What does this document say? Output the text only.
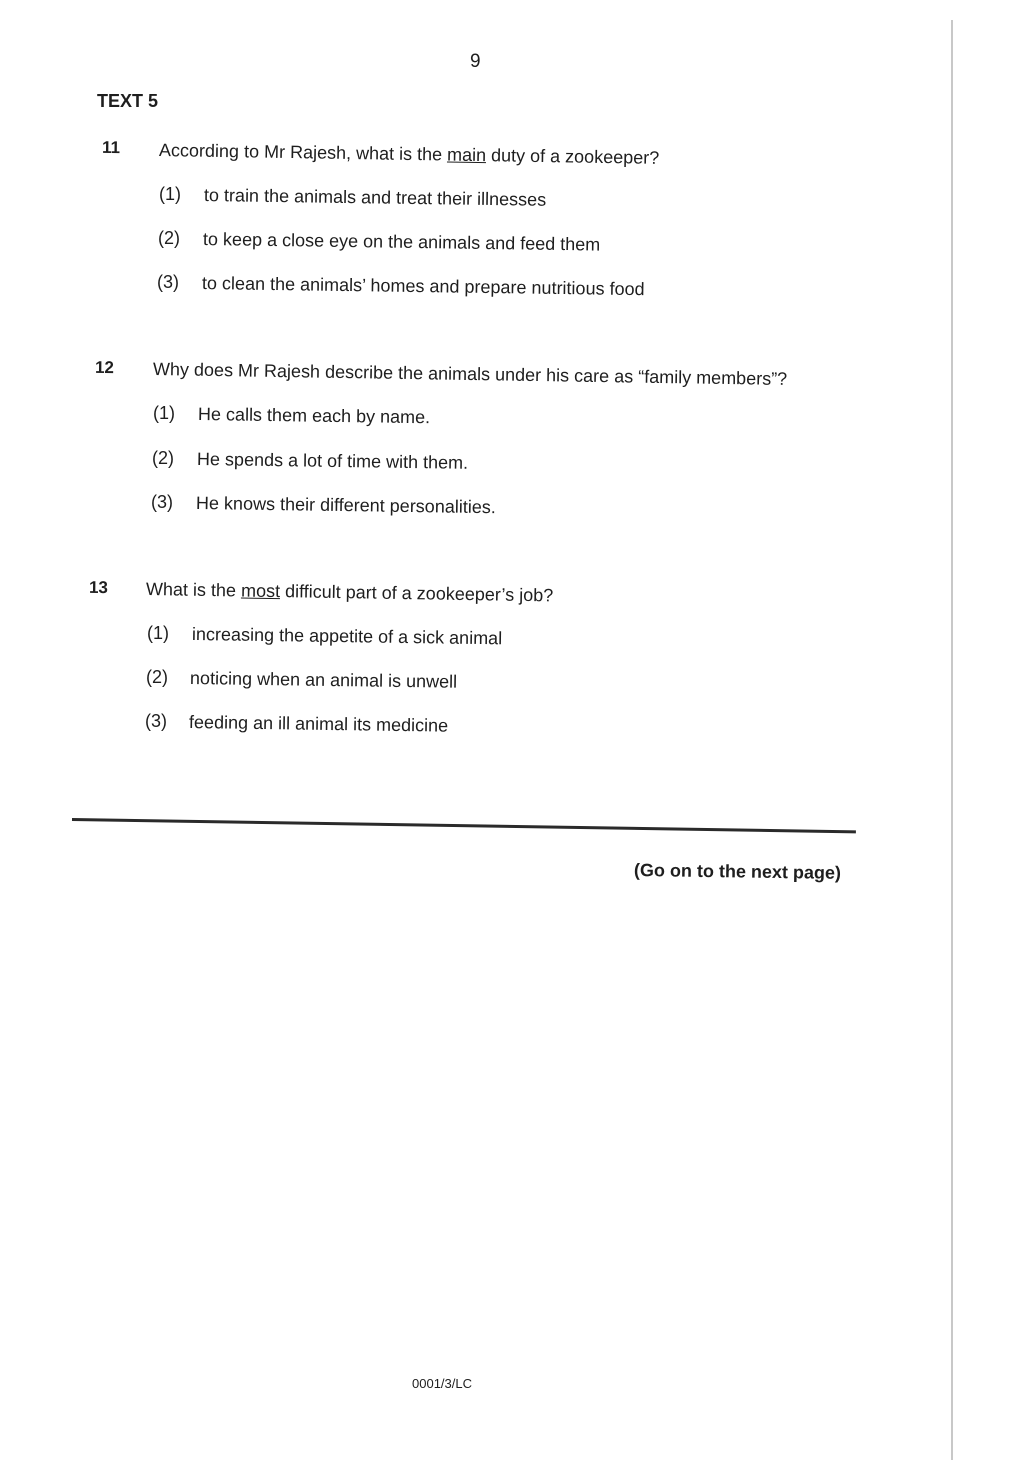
9
TEXT 5
11 According to Mr Rajesh, what is the main duty of a zookeeper?
(1) to train the animals and treat their illnesses
(2) to keep a close eye on the animals and feed them
(3) to clean the animals’ homes and prepare nutritious food
12 Why does Mr Rajesh describe the animals under his care as “family members”?
(1) He calls them each by name.
(2) He spends a lot of time with them.
(3) He knows their different personalities.
13 What is the most difficult part of a zookeeper’s job?
(1) increasing the appetite of a sick animal
(2) noticing when an animal is unwell
(3) feeding an ill animal its medicine
(Go on to the next page)
0001/3/LC
